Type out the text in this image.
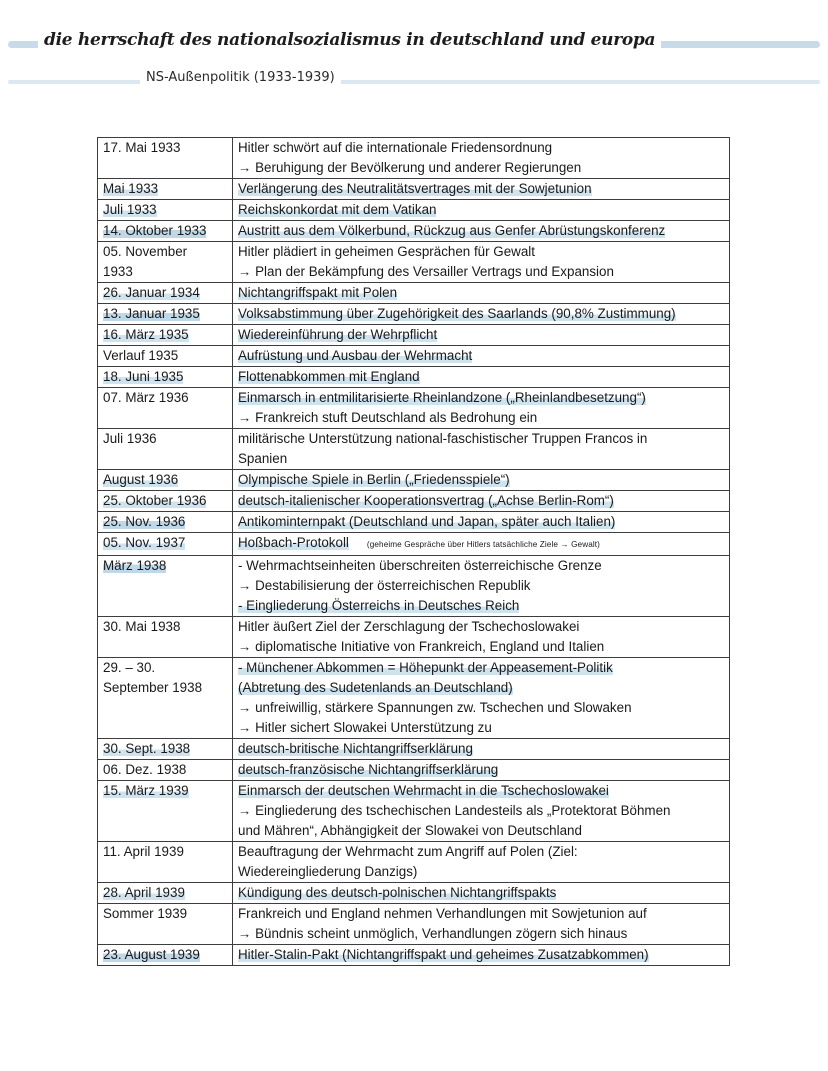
die herrschaft des nationalsozialismus in deutschland und europa
NS-Außenpolitik (1933-1939)
17. Mai 1933	Hitler schwört auf die internationale Friedensordnung
→ Beruhigung der Bevölkerung und anderer Regierungen

Mai 1933	Verlängerung des Neutralitätsvertrages mit der Sowjetunion

Juli 1933	Reichskonkordat mit dem Vatikan

14. Oktober 1933	Austritt aus dem Völkerbund, Rückzug aus Genfer Abrüstungskonferenz

05. November
1933	Hitler plädiert in geheimen Gesprächen für Gewalt
→ Plan der Bekämpfung des Versailler Vertrags und Expansion

26. Januar 1934	Nichtangriffspakt mit Polen

13. Januar 1935	Volksabstimmung über Zugehörigkeit des Saarlands (90,8% Zustimmung)

16. März 1935	Wiedereinführung der Wehrpflicht

Verlauf 1935	Aufrüstung und Ausbau der Wehrmacht

18. Juni 1935	Flottenabkommen mit England

07. März 1936	Einmarsch in entmilitarisierte Rheinlandzone („Rheinlandbesetzung“)
→ Frankreich stuft Deutschland als Bedrohung ein

Juli 1936	militärische Unterstützung national-faschistischer Truppen Francos in
Spanien

August 1936	Olympische Spiele in Berlin („Friedensspiele“)

25. Oktober 1936	deutsch-italienischer Kooperationsvertrag („Achse Berlin-Rom“)

25. Nov. 1936	Antikominternpakt (Deutschland und Japan, später auch Italien)

05. Nov. 1937	Hoßbach-Protokoll (geheime Gespräche über Hitlers tatsächliche Ziele → Gewalt)

März 1938	- Wehrmachtseinheiten überschreiten österreichische Grenze
→ Destabilisierung der österreichischen Republik
- Eingliederung Österreichs in Deutsches Reich

30. Mai 1938	Hitler äußert Ziel der Zerschlagung der Tschechoslowakei
→ diplomatische Initiative von Frankreich, England und Italien

29. – 30.
September 1938	- Münchener Abkommen = Höhepunkt der Appeasement-Politik
(Abtretung des Sudetenlands an Deutschland)
→ unfreiwillig, stärkere Spannungen zw. Tschechen und Slowaken
→ Hitler sichert Slowakei Unterstützung zu

30. Sept. 1938	deutsch-britische Nichtangriffserklärung

06. Dez. 1938	deutsch-französische Nichtangriffserklärung

15. März 1939	Einmarsch der deutschen Wehrmacht in die Tschechoslowakei
→ Eingliederung des tschechischen Landesteils als „Protektorat Böhmen
und Mähren“, Abhängigkeit der Slowakei von Deutschland

11. April 1939	Beauftragung der Wehrmacht zum Angriff auf Polen (Ziel:
Wiedereingliederung Danzigs)

28. April 1939	Kündigung des deutsch-polnischen Nichtangriffspakts

Sommer 1939	Frankreich und England nehmen Verhandlungen mit Sowjetunion auf
→ Bündnis scheint unmöglich, Verhandlungen zögern sich hinaus

23. August 1939	Hitler-Stalin-Pakt (Nichtangriffspakt und geheimes Zusatzabkommen)
